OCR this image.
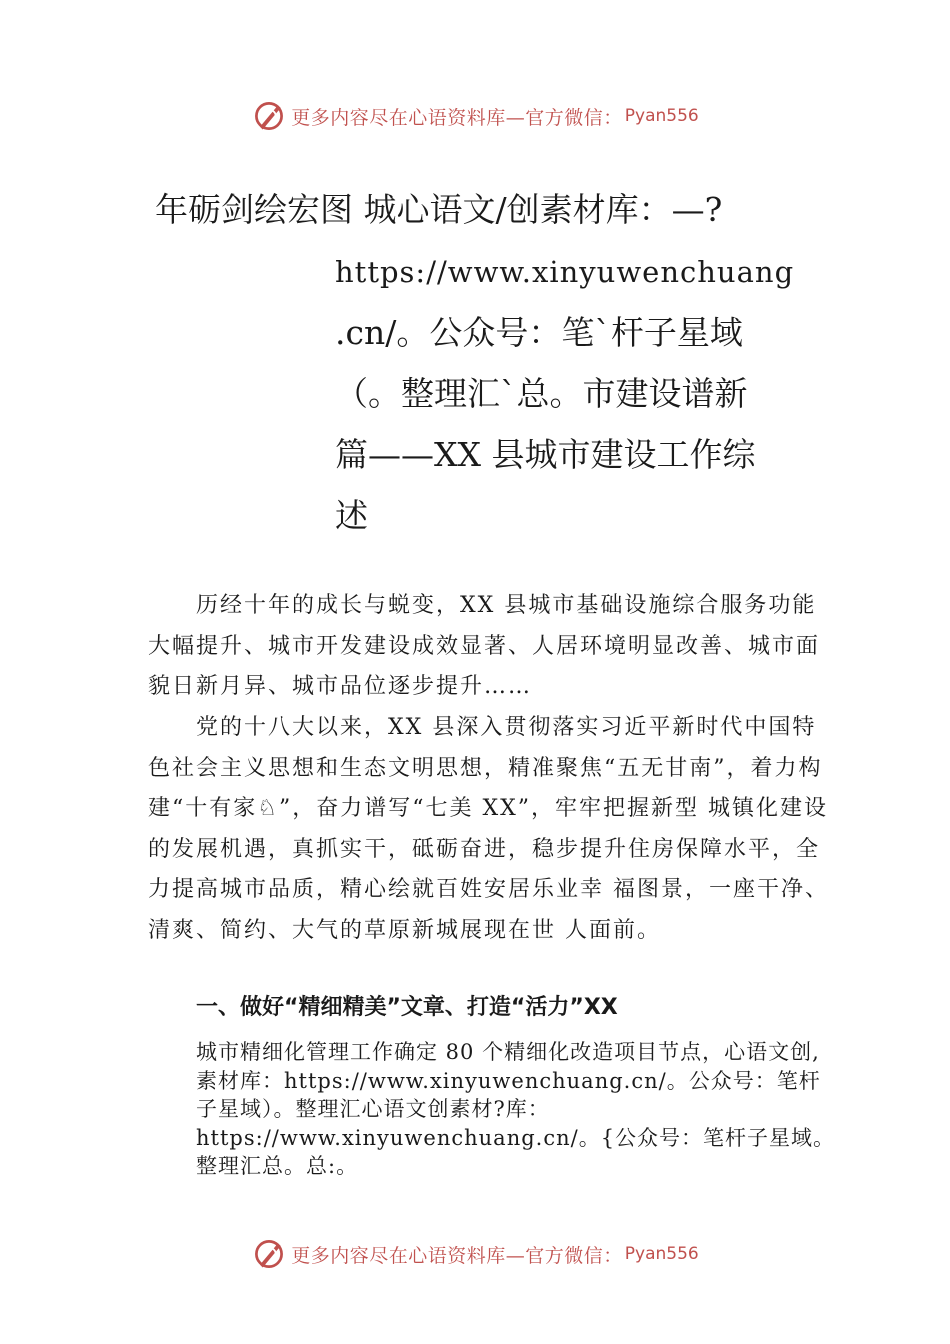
更多内容尽在心语资料库—官方微信： Pyan556
年砺剑绘宏图 城心语文/创素材库：—?
https://www.xinyuwenchuang
.cn/。公众号：笔`杆子星域
（。整理汇`总。市建设谱新
篇——XX 县城市建设工作综
述

　　历经十年的成长与蜕变，XX 县城市基础设施综合服务功能大幅提升、城市开发建设成效显著、人居环境明显改善、城市面貌日新月异、城市品位逐步提升……

　　党的十八大以来，XX 县深入贯彻落实习近平新时代中国特色社会主义思想和生态文明思想，精准聚焦“五无甘南”，着力构建“十有家♘”，奋力谱写“七美 XX”，牢牢把握新型 城镇化建设的发展机遇，真抓实干，砥砺奋进，稳步提升住房保障水平，全力提高城市品质，精心绘就百姓安居乐业幸 福图景，一座干净、清爽、简约、大气的草原新城展现在世 人面前。

一、做好“精细精美”文章、打造“活力”XX

城市精细化管理工作确定 80 个精细化改造项目节点，心语文创,素材库：https://www.xinyuwenchuang.cn/。公众号：笔杆子星域）。整理汇心语文创素材?库：https://www.xinyuwenchuang.cn/。{公众号：笔杆子星域。整理汇总。总:。

更多内容尽在心语资料库—官方微信： Pyan556
